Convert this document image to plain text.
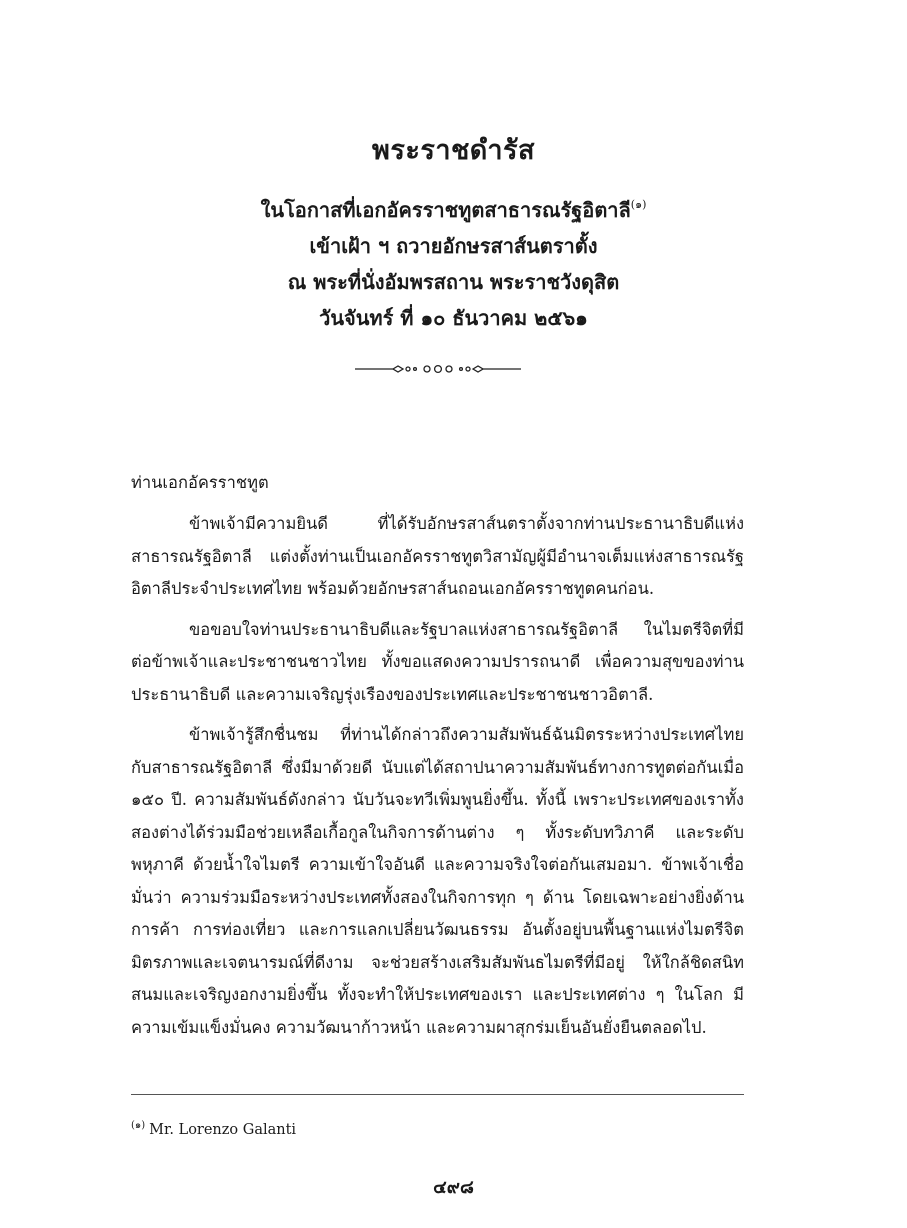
พระราชดำรัส
ในโอกาสที่เอกอัครราชทูตสาธารณรัฐอิตาลี$^{(๑)}$
เข้าเฝ้า ฯ ถวายอักษรสาส์นตราตั้ง
ณ พระที่นั่งอัมพรสถาน พระราชวังดุสิต
วันจันทร์ ที่ ๑๐ ธันวาคม ๒๕๖๑
ท่านเอกอัครราชทูต

ข้าพเจ้ามีความยินดี ที่ได้รับอักษรสาส์นตราตั้งจากท่านประธานาธิบดีแห่งสาธารณรัฐอิตาลี แต่งตั้งท่านเป็นเอกอัครราชทูตวิสามัญผู้มีอำนาจเต็มแห่งสาธารณรัฐอิตาลีประจำประเทศไทย พร้อมด้วยอักษรสาส์นถอนเอกอัครราชทูตคนก่อน.

ขอขอบใจท่านประธานาธิบดีและรัฐบาลแห่งสาธารณรัฐอิตาลี ในไมตรีจิตที่มีต่อข้าพเจ้าและประชาชนชาวไทย ทั้งขอแสดงความปรารถนาดี เพื่อความสุขของท่านประธานาธิบดี และความเจริญรุ่งเรืองของประเทศและประชาชนชาวอิตาลี.

ข้าพเจ้ารู้สึกชื่นชม ที่ท่านได้กล่าวถึงความสัมพันธ์ฉันมิตรระหว่างประเทศไทยกับสาธารณรัฐอิตาลี ซึ่งมีมาด้วยดี นับแต่ได้สถาปนาความสัมพันธ์ทางการทูตต่อกันเมื่อ ๑๕๐ ปี. ความสัมพันธ์ดังกล่าว นับวันจะทวีเพิ่มพูนยิ่งขึ้น. ทั้งนี้ เพราะประเทศของเราทั้งสองต่างได้ร่วมมือช่วยเหลือเกื้อกูลในกิจการด้านต่าง ๆ ทั้งระดับทวิภาคี และระดับพหุภาคี ด้วยน้ำใจไมตรี ความเข้าใจอันดี และความจริงใจต่อกันเสมอมา. ข้าพเจ้าเชื่อมั่นว่า ความร่วมมือระหว่างประเทศทั้งสองในกิจการทุก ๆ ด้าน โดยเฉพาะอย่างยิ่งด้านการค้า การท่องเที่ยว และการแลกเปลี่ยนวัฒนธรรม อันตั้งอยู่บนพื้นฐานแห่งไมตรีจิตมิตรภาพและเจตนารมณ์ที่ดีงาม จะช่วยสร้างเสริมสัมพันธไมตรีที่มีอยู่ ให้ใกล้ชิดสนิทสนมและเจริญงอกงามยิ่งขึ้น ทั้งจะทำให้ประเทศของเรา และประเทศต่าง ๆ ในโลก มีความเข้มแข็งมั่นคง ความวัฒนาก้าวหน้า และความผาสุกร่มเย็นอันยั่งยืนตลอดไป.

$^{(๑)}$ Mr. Lorenzo Galanti
๔๙๘
